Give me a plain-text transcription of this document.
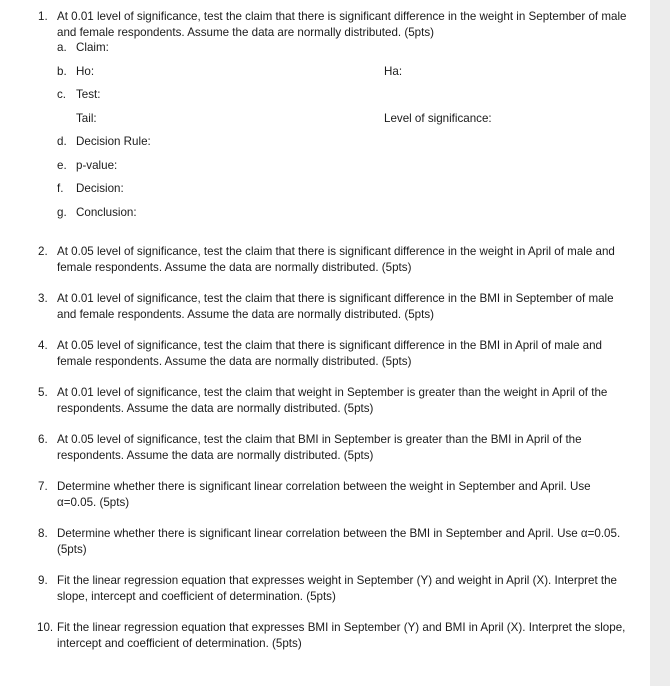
1. At 0.01 level of significance, test the claim that there is significant difference in the weight in September of male and female respondents. Assume the data are normally distributed. (5pts)
a. Claim:
b. Ho:	Ha:
c. Test:
Tail:	Level of significance:
d. Decision Rule:
e. p-value:
f. Decision:
g. Conclusion:
2. At 0.05 level of significance, test the claim that there is significant difference in the weight in April of male and female respondents. Assume the data are normally distributed. (5pts)
3. At 0.01 level of significance, test the claim that there is significant difference in the BMI in September of male and female respondents. Assume the data are normally distributed. (5pts)
4. At 0.05 level of significance, test the claim that there is significant difference in the BMI in April of male and female respondents. Assume the data are normally distributed. (5pts)
5. At 0.01 level of significance, test the claim that weight in September is greater than the weight in April of the respondents. Assume the data are normally distributed. (5pts)
6. At 0.05 level of significance, test the claim that BMI in September is greater than the BMI in April of the respondents. Assume the data are normally distributed. (5pts)
7. Determine whether there is significant linear correlation between the weight in September and April. Use α=0.05. (5pts)
8. Determine whether there is significant linear correlation between the BMI in September and April. Use α=0.05. (5pts)
9. Fit the linear regression equation that expresses weight in September (Y) and weight in April (X). Interpret the slope, intercept and coefficient of determination. (5pts)
10. Fit the linear regression equation that expresses BMI in September (Y) and BMI in April (X). Interpret the slope, intercept and coefficient of determination. (5pts)
